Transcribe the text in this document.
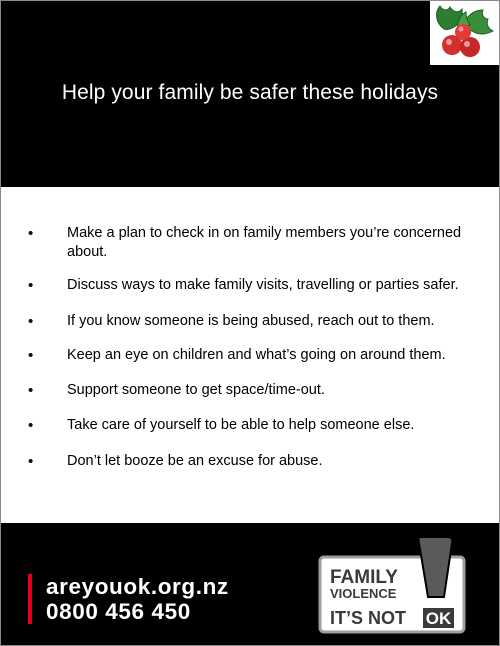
Help your family be safer these holidays
• Make a plan to check in on family members you’re concerned about.
• Discuss ways to make family visits, travelling or parties safer.
• If you know someone is being abused, reach out to them.
• Keep an eye on children and what’s going on around them.
• Support someone to get space/time-out.
• Take care of yourself to be able to help someone else.
• Don’t let booze be an excuse for abuse.
areyouok.org.nz
0800 456 450
FAMILY
VIOLENCE
IT’S NOT OK
